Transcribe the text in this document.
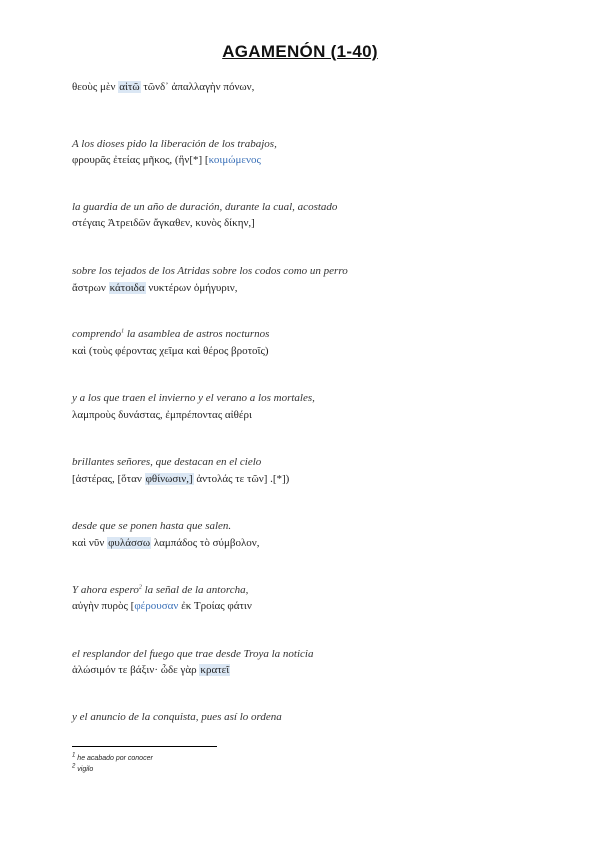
AGAMENÓN (1-40)
θεοὺς μὲν αἰτῶ τῶνδ᾽ ἀπαλλαγὴν πόνων,
A los dioses pido la liberación de los trabajos,
φρουρᾶς ἐτείας μῆκος, (ἣν[*] [κοιμώμενος
la guardia de un año de duración, durante la cual, acostado
στέγαις Ἀτρειδῶν ἄγκαθεν, κυνὸς δίκην,]
sobre los tejados de los Atridas sobre los codos como un perro
ἄστρων κάτοιδα νυκτέρων ὁμήγυριν,
comprendo$^1$ la asamblea de astros nocturnos
καὶ (τοὺς φέροντας χεῖμα καὶ θέρος βροτοῖς)
y a los que traen el invierno y el verano a los mortales,
λαμπροὺς δυνάστας, ἐμπρέποντας αἰθέρι
brillantes señores, que destacan en el cielo
[ἀστέρας, [ὅταν φθίνωσιν,] ἀντολάς τε τῶν] .[*])
desde que se ponen hasta que salen.
καὶ νῦν φυλάσσω λαμπάδος τὸ σύμβολον,
Y ahora espero$^2$ la señal de la antorcha,
αὐγὴν πυρὸς [φέρουσαν ἐκ Τροίας φάτιν
el resplandor del fuego que trae desde Troya la noticia
ἁλώσιμόν τε βάξιν· ὧδε γὰρ κρατεῖ
y el anuncio de la conquista, pues así lo ordena
$^1$ he acabado por conocer
$^2$ vigilo
